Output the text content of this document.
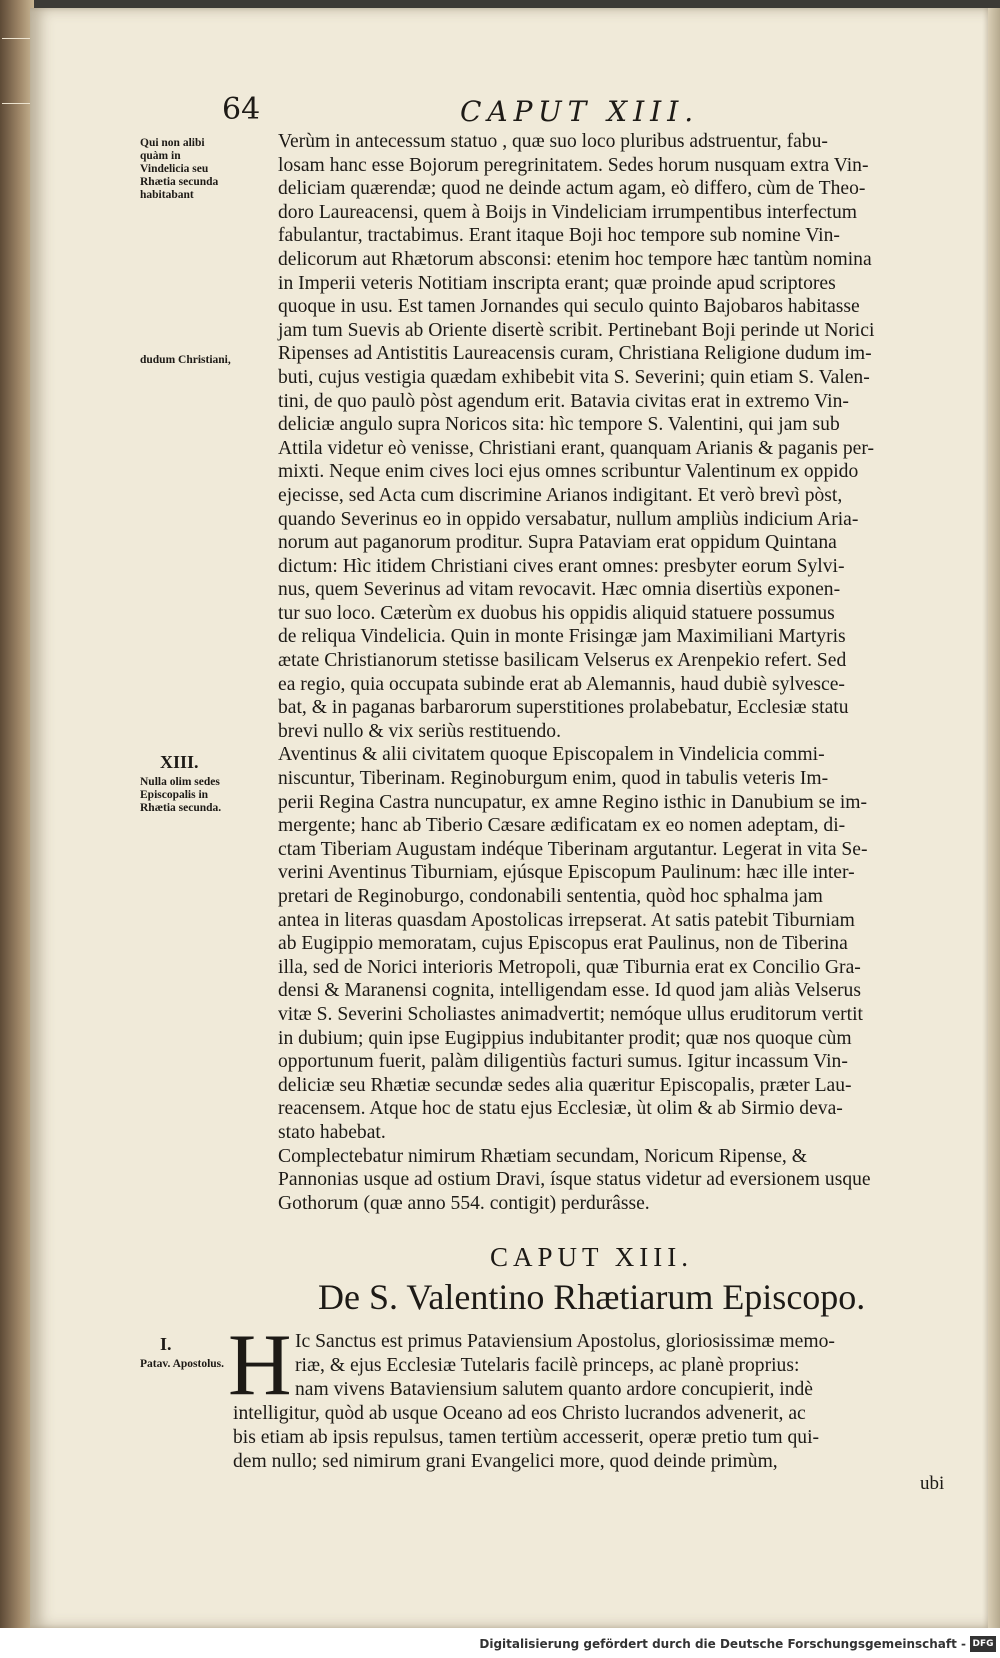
64	CAPUT XIII.
Qui non alibi quàm in Vindelicia seu Rhætia secunda habitabant
dudum Christiani,
XIII.
Nulla olim sedes Episcopalis in Rhætia secunda.
I.
Patav. Apostolus.

Verùm in antecessum statuo , quæ suo loco pluribus adstruentur, fabu-
losam hanc esse Bojorum peregrinitatem. Sedes horum nusquam extra Vin-
deliciam quærendæ; quod ne deinde actum agam, eò differo, cùm de Theo-
doro Laureacensi, quem à Boijs in Vindeliciam irrumpentibus interfectum
fabulantur, tractabimus. Erant itaque Boji hoc tempore sub nomine Vin-
delicorum aut Rhætorum absconsi: etenim hoc tempore hæc tantùm nomina
in Imperii veteris Notitiam inscripta erant; quæ proinde apud scriptores
quoque in usu. Est tamen Jornandes qui seculo quinto Bajobaros habitasse
jam tum Suevis ab Oriente disertè scribit. Pertinebant Boji perinde ut Norici
Ripenses ad Antistitis Laureacensis curam, Christiana Religione dudum im-
buti, cujus vestigia quædam exhibebit vita S. Severini; quin etiam S. Valen-
tini, de quo paulò pòst agendum erit. Batavia civitas erat in extremo Vin-
deliciæ angulo supra Noricos sita: hìc tempore S. Valentini, qui jam sub
Attila videtur eò venisse, Christiani erant, quanquam Arianis & paganis per-
mixti. Neque enim cives loci ejus omnes scribuntur Valentinum ex oppido
ejecisse, sed Acta cum discrimine Arianos indigitant. Et verò brevì pòst,
quando Severinus eo in oppido versabatur, nullum ampliùs indicium Aria-
norum aut paganorum proditur. Supra Pataviam erat oppidum Quintana
dictum: Hìc itidem Christiani cives erant omnes: presbyter eorum Sylvi-
nus, quem Severinus ad vitam revocavit. Hæc omnia disertiùs exponen-
tur suo loco. Cæterùm ex duobus his oppidis aliquid statuere possumus
de reliqua Vindelicia. Quin in monte Frisingæ jam Maximiliani Martyris
ætate Christianorum stetisse basilicam Velserus ex Arenpekio refert. Sed
ea regio, quia occupata subinde erat ab Alemannis, haud dubiè sylvesce-
bat, & in paganas barbarorum superstitiones prolabebatur, Ecclesiæ statu
brevi nullo & vix seriùs restituendo.

Aventinus & alii civitatem quoque Episcopalem in Vindelicia commi-
niscuntur, Tiberinam. Reginoburgum enim, quod in tabulis veteris Im-
perii Regina Castra nuncupatur, ex amne Regino isthic in Danubium se im-
mergente; hanc ab Tiberio Cæsare ædificatam ex eo nomen adeptam, di-
ctam Tiberiam Augustam indéque Tiberinam argutantur. Legerat in vita Se-
verini Aventinus Tiburniam, ejúsque Episcopum Paulinum: hæc ille inter-
pretari de Reginoburgo, condonabili sententia, quòd hoc sphalma jam
antea in literas quasdam Apostolicas irrepserat. At satis patebit Tiburniam
ab Eugippio memoratam, cujus Episcopus erat Paulinus, non de Tiberina
illa, sed de Norici interioris Metropoli, quæ Tiburnia erat ex Concilio Gra-
densi & Maranensi cognita, intelligendam esse. Id quod jam aliàs Velserus
vitæ S. Severini Scholiastes animadvertit; nemóque ullus eruditorum vertit
in dubium; quin ipse Eugippius indubitanter prodit; quæ nos quoque cùm
opportunum fuerit, palàm diligentiùs facturi sumus. Igitur incassum Vin-
deliciæ seu Rhætiæ secundæ sedes alia quæritur Episcopalis, præter Lau-
reacensem. Atque hoc de statu ejus Ecclesiæ, ùt olim & ab Sirmio deva-
stato habebat.

Complectebatur nimirum Rhætiam secundam, Noricum Ripense, &
Pannonias usque ad ostium Dravi, ísque status videtur ad eversionem usque
Gothorum (quæ anno 554. contigit) perdurâsse.

CAPUT XIII.
De S. Valentino Rhætiarum Episcopo.
H Ic Sanctus est primus Pataviensium Apostolus, gloriosissimæ memo-
riæ, & ejus Ecclesiæ Tutelaris facilè princeps, ac planè proprius:
nam vivens Bataviensium salutem quanto ardore concupierit, indè
intelligitur, quòd ab usque Oceano ad eos Christo lucrandos advenerit, ac
bis etiam ab ipsis repulsus, tamen tertiùm accesserit, operæ pretio tum qui-
dem nullo; sed nimirum grani Evangelici more, quod deinde primùm,
ubi
Digitalisierung gefördert durch die Deutsche Forschungsgemeinschaft - DFG
